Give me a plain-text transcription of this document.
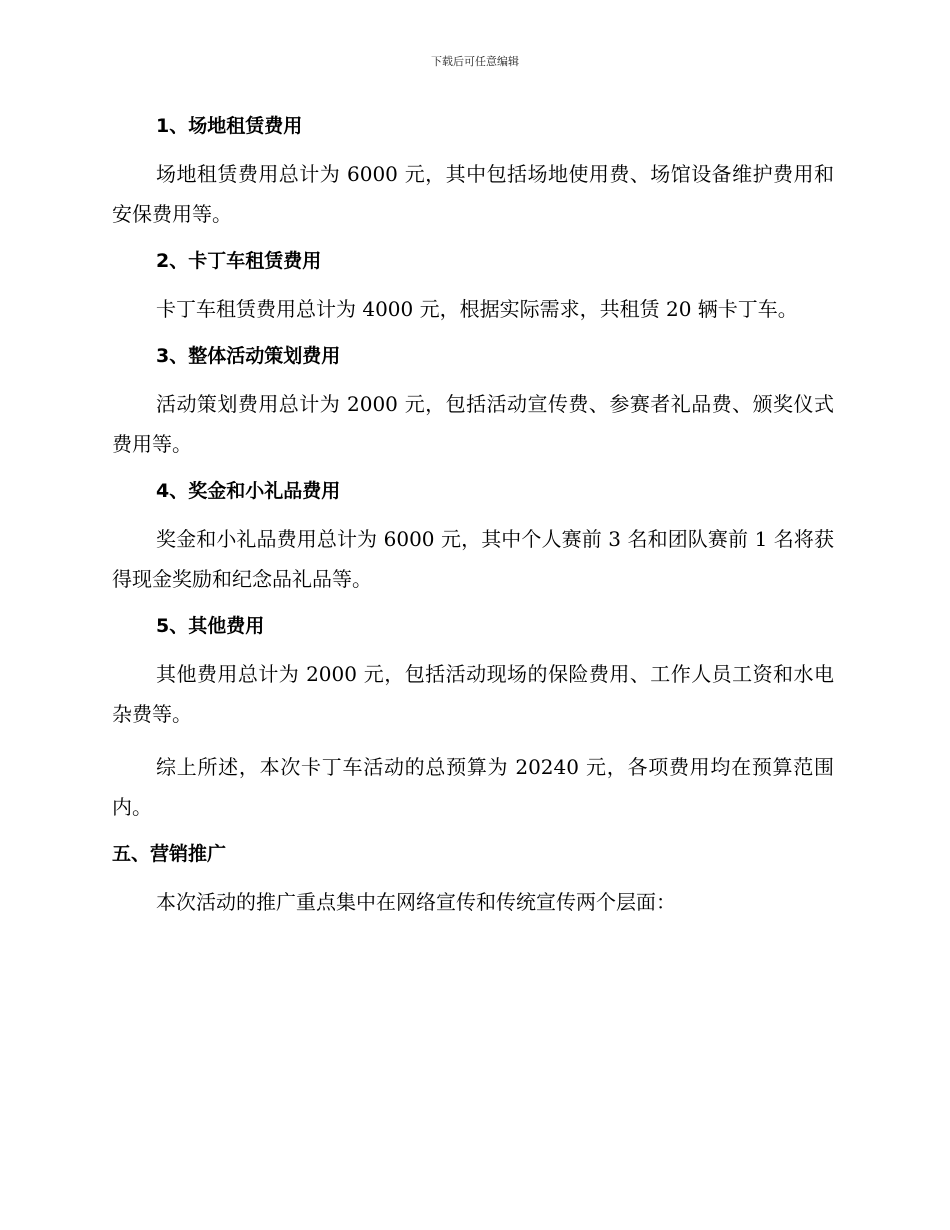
下载后可任意编辑
1、场地租赁费用
场地租赁费用总计为 6000 元，其中包括场地使用费、场馆设备维护费用和安保费用等。
2、卡丁车租赁费用
卡丁车租赁费用总计为 4000 元，根据实际需求，共租赁 20 辆卡丁车。
3、整体活动策划费用
活动策划费用总计为 2000 元，包括活动宣传费、参赛者礼品费、颁奖仪式费用等。
4、奖金和小礼品费用
奖金和小礼品费用总计为 6000 元，其中个人赛前 3 名和团队赛前 1 名将获得现金奖励和纪念品礼品等。
5、其他费用
其他费用总计为 2000 元，包括活动现场的保险费用、工作人员工资和水电杂费等。
综上所述，本次卡丁车活动的总预算为 20240 元，各项费用均在预算范围内。
五、营销推广
本次活动的推广重点集中在网络宣传和传统宣传两个层面：
